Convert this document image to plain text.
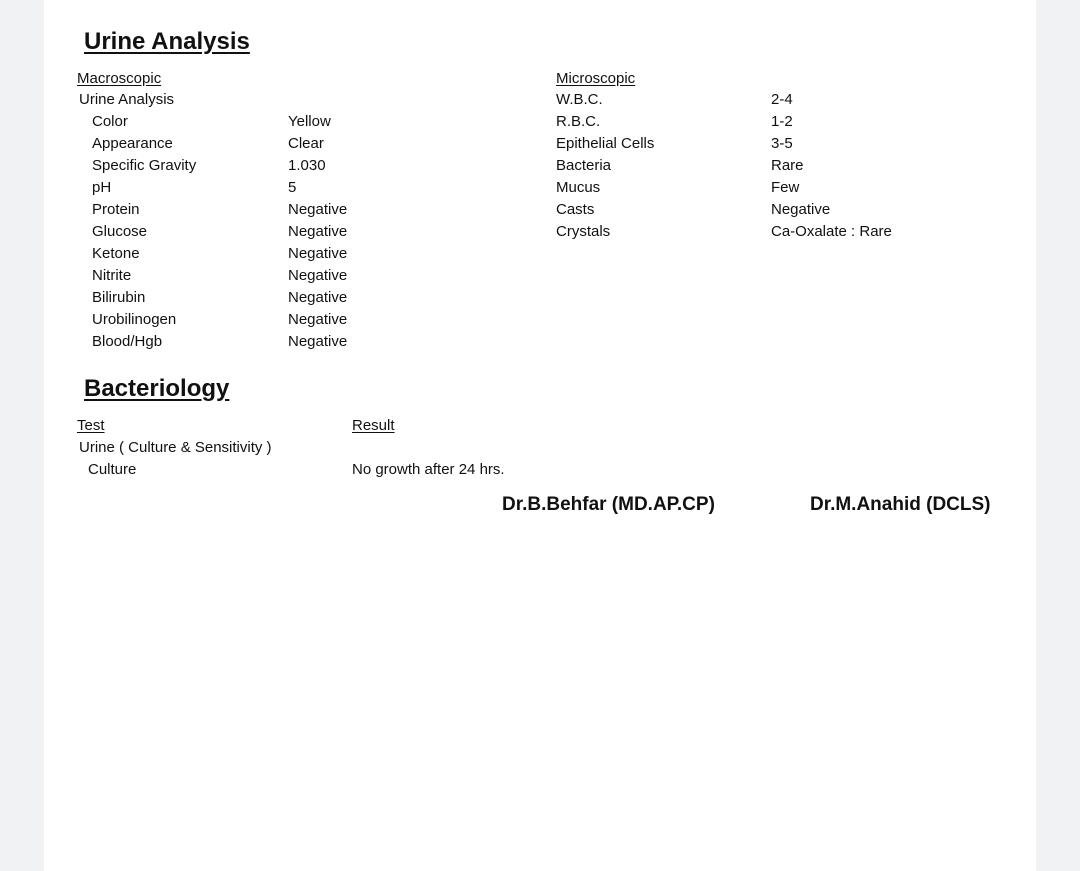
Urine Analysis
Macroscopic
Urine Analysis
Color	Yellow
Appearance	Clear
Specific Gravity	1.030
pH	5
Protein	Negative
Glucose	Negative
Ketone	Negative
Nitrite	Negative
Bilirubin	Negative
Urobilinogen	Negative
Blood/Hgb	Negative
Microscopic
W.B.C.	2-4
R.B.C.	1-2
Epithelial Cells	3-5
Bacteria	Rare
Mucus	Few
Casts	Negative
Crystals	Ca-Oxalate : Rare
Bacteriology
Test	Result
Urine ( Culture & Sensitivity )
Culture	No growth after 24 hrs.
Dr.B.Behfar (MD.AP.CP)	Dr.M.Anahid (DCLS)
